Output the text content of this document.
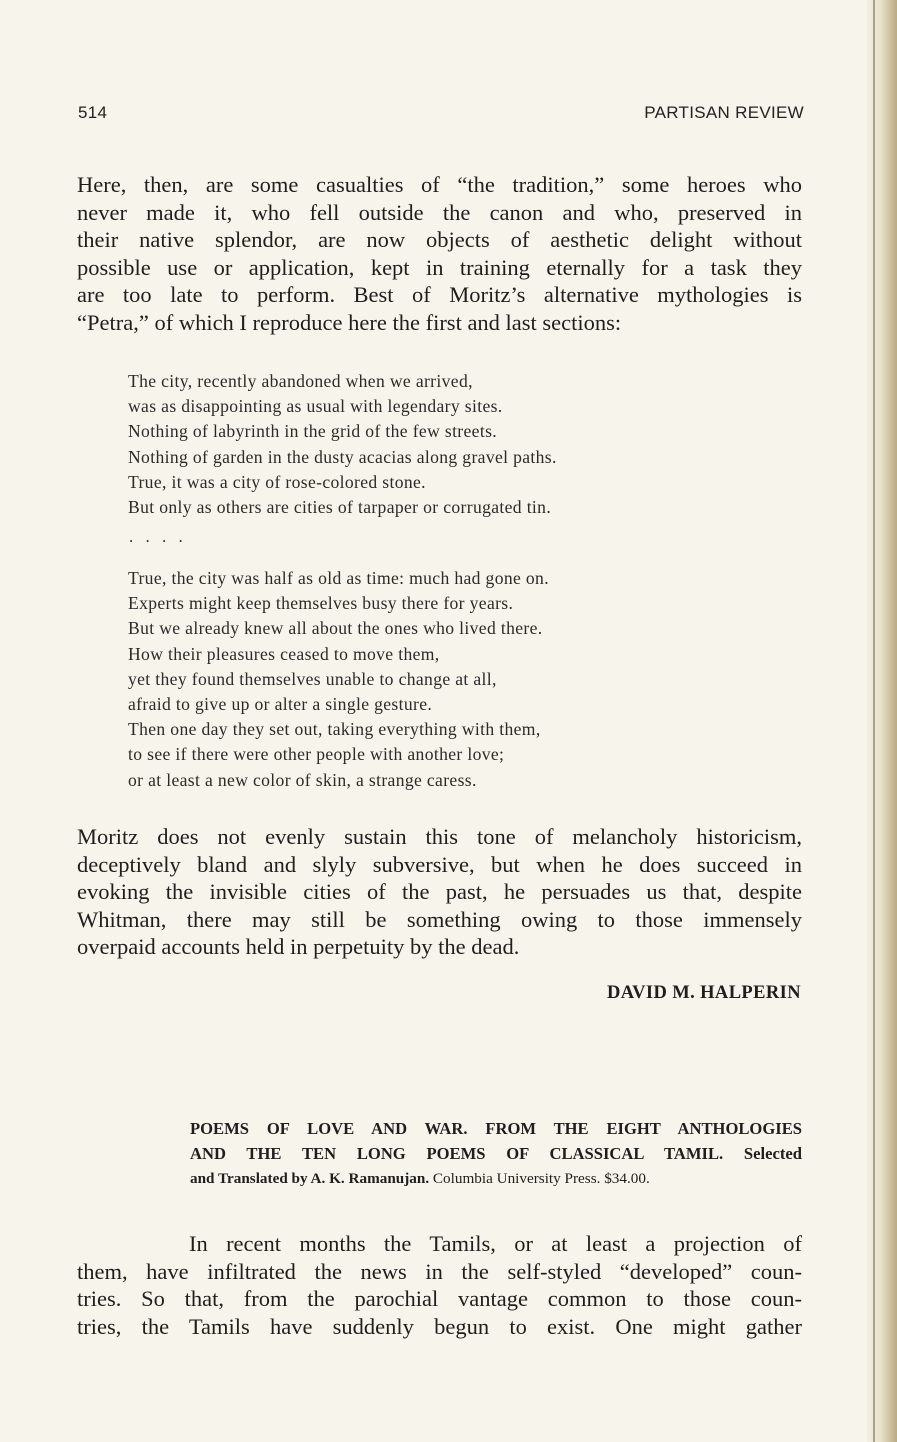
514	PARTISAN REVIEW
Here, then, are some casualties of “the tradition,” some heroes who
never made it, who fell outside the canon and who, preserved in
their native splendor, are now objects of aesthetic delight without
possible use or application, kept in training eternally for a task they
are too late to perform. Best of Moritz’s alternative mythologies is
“Petra,” of which I reproduce here the first and last sections:
The city, recently abandoned when we arrived,
was as disappointing as usual with legendary sites.
Nothing of labyrinth in the grid of the few streets.
Nothing of garden in the dusty acacias along gravel paths.
True, it was a city of rose-colored stone.
But only as others are cities of tarpaper or corrugated tin.
. . . .
True, the city was half as old as time: much had gone on.
Experts might keep themselves busy there for years.
But we already knew all about the ones who lived there.
How their pleasures ceased to move them,
yet they found themselves unable to change at all,
afraid to give up or alter a single gesture.
Then one day they set out, taking everything with them,
to see if there were other people with another love;
or at least a new color of skin, a strange caress.
Moritz does not evenly sustain this tone of melancholy historicism,
deceptively bland and slyly subversive, but when he does succeed in
evoking the invisible cities of the past, he persuades us that, despite
Whitman, there may still be something owing to those immensely
overpaid accounts held in perpetuity by the dead.
DAVID M. HALPERIN
POEMS OF LOVE AND WAR. FROM THE EIGHT ANTHOLOGIES
AND THE TEN LONG POEMS OF CLASSICAL TAMIL. Selected
and Translated by A. K. Ramanujan. Columbia University Press. $34.00.
In recent months the Tamils, or at least a projection of
them, have infiltrated the news in the self-styled “developed” coun-
tries. So that, from the parochial vantage common to those coun-
tries, the Tamils have suddenly begun to exist. One might gather
